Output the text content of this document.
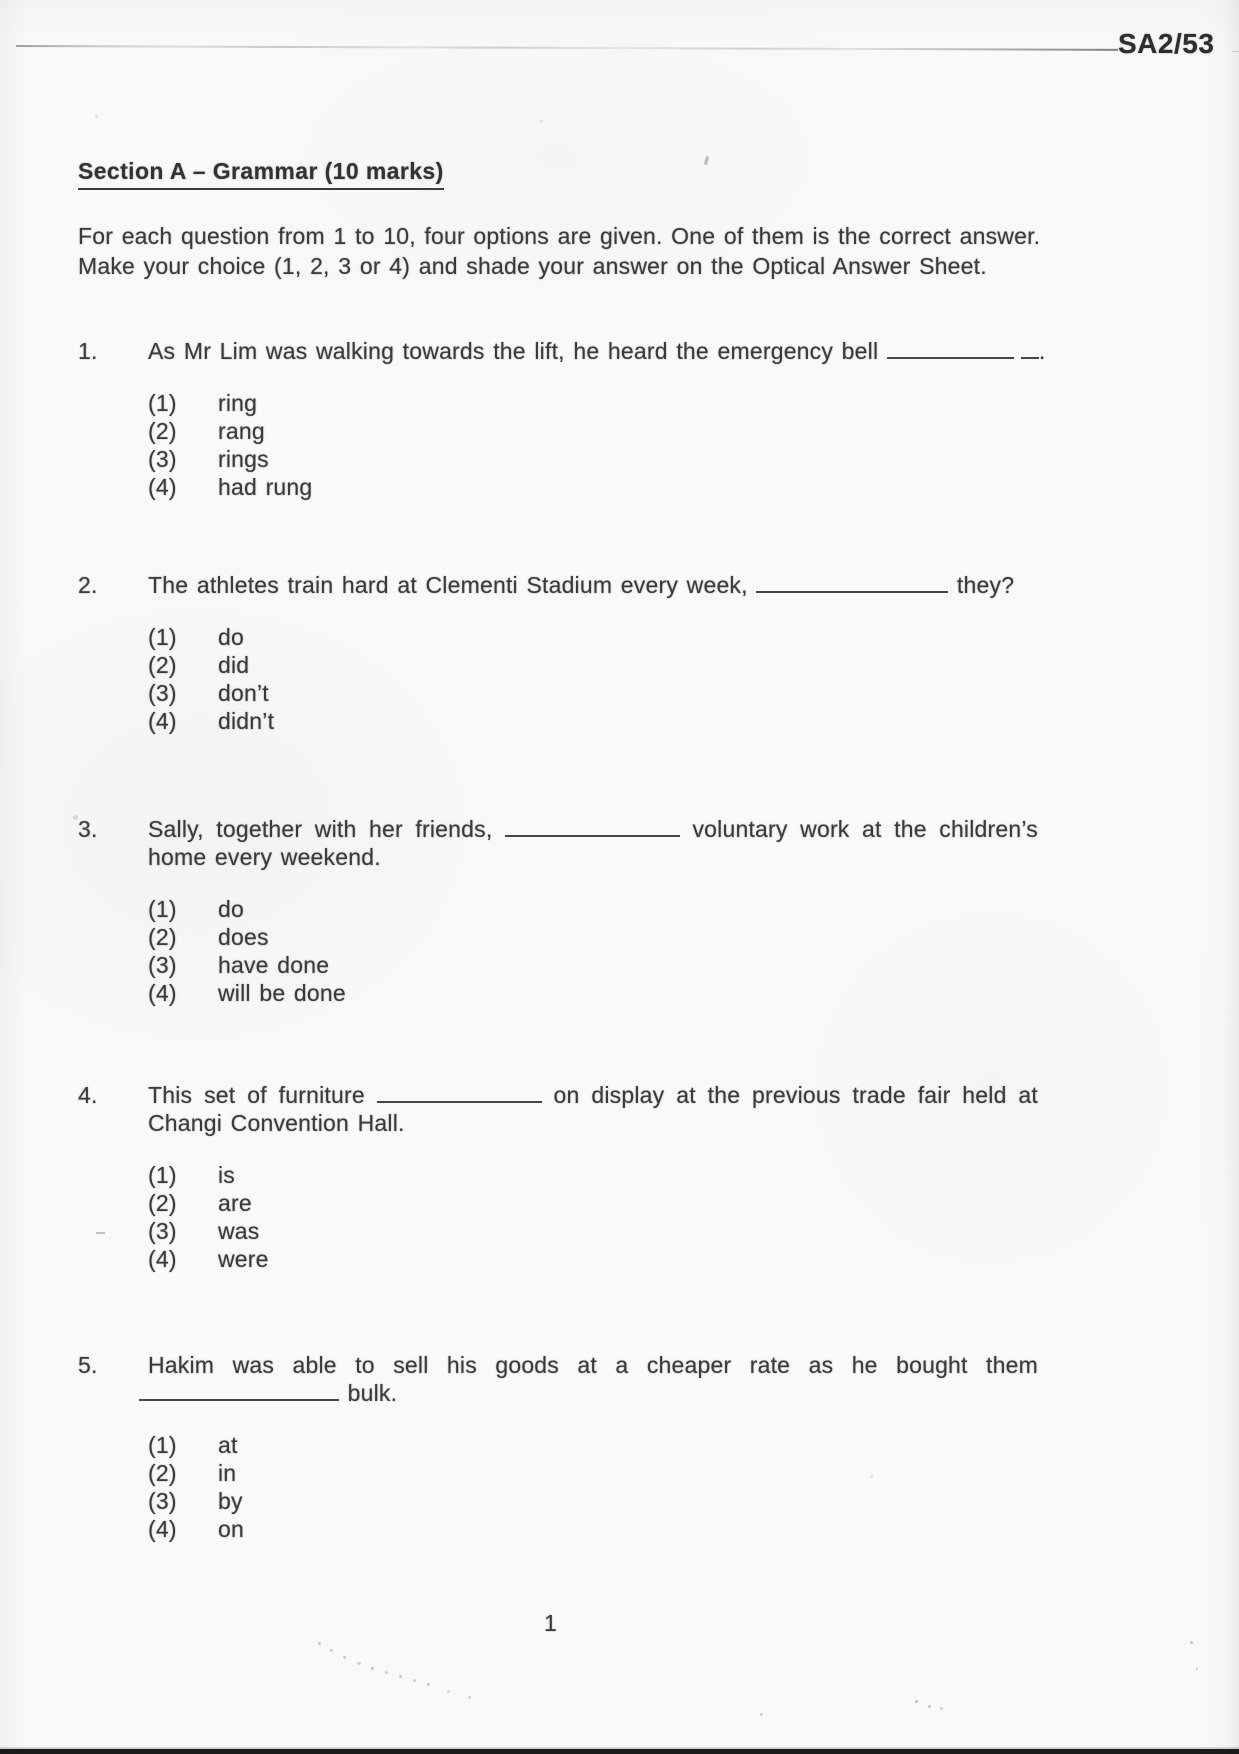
SA2/53
Section A – Grammar (10 marks)

For each question from 1 to 10, four options are given. One of them is the correct answer.

Make your choice (1, 2, 3 or 4) and shade your answer on the Optical Answer Sheet.

1.	As Mr Lim was walking towards the lift, he heard the emergency bell	.

(1)	ring
(2)	rang
(3)	rings
(4)	had rung
2.	The athletes train hard at Clementi Stadium every week,	they?

(1)	do
(2)	did
(3)	don’t
(4)	didn’t
3.	Sally, together with her friends,	voluntary work at the children’s

home every weekend.

(1)	do
(2)	does
(3)	have done
(4)	will be done
4.	This set of furniture	on display at the previous trade fair held at

Changi Convention Hall.

(1)	is
(2)	are
(3)	was
(4)	were
5.	Hakim was able to sell his goods at a cheaper rate as he bought them

bulk.

(1)	at
(2)	in
(3)	by
(4)	on
1
